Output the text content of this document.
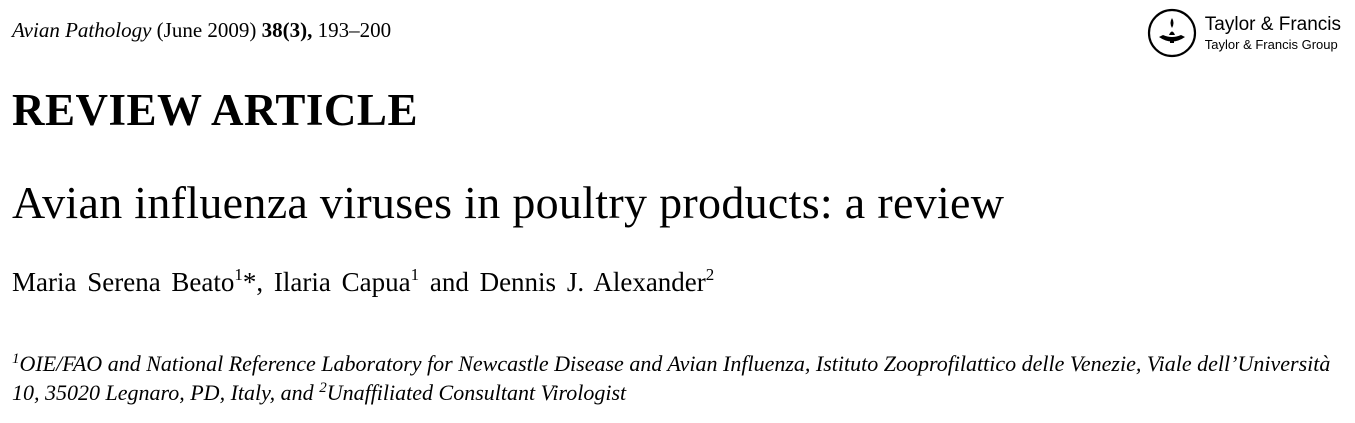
Avian Pathology (June 2009) 38(3), 193–200	Taylor & Francis
Taylor & Francis Group
REVIEW ARTICLE
Avian influenza viruses in poultry products: a review
Maria Serena Beato$^1$*, Ilaria Capua$^1$ and Dennis J. Alexander$^2$
$^1$OIE/FAO and National Reference Laboratory for Newcastle Disease and Avian Influenza, Istituto Zooprofilattico delle Venezie, Viale dell’Università 10, 35020 Legnaro, PD, Italy, and $^2$Unaffiliated Consultant Virologist
